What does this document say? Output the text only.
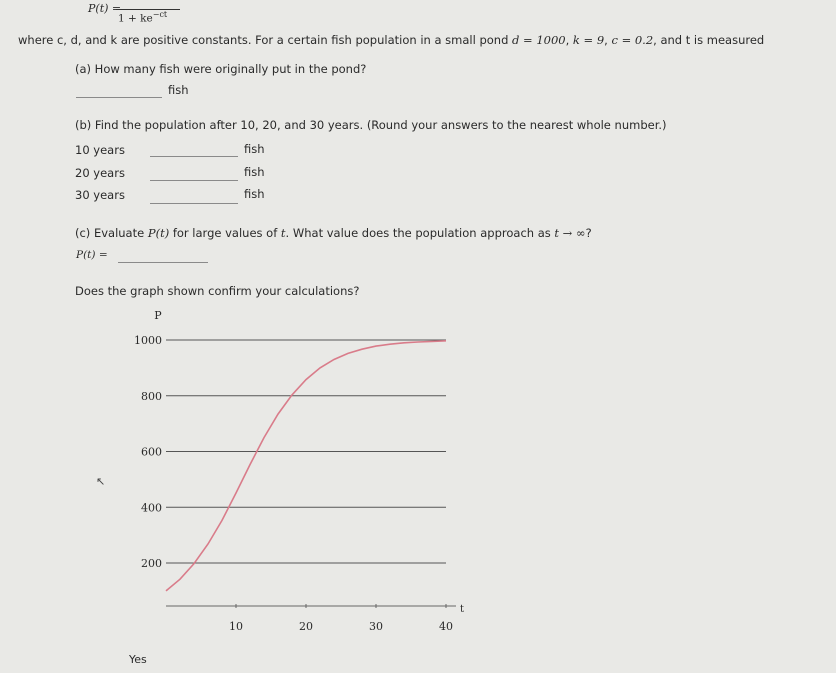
P(t) =
$1 + ke^{-ct}$
where c, d, and k are positive constants. For a certain fish population in a small pond d = 1000, k = 9, c = 0.2, and t is measured
(a) How many fish were originally put in the pond?
fish
(b) Find the population after 10, 20, and 30 years. (Round your answers to the nearest whole number.)
10 years	fish
20 years	fish
30 years	fish
(c) Evaluate P(t) for large values of t. What value does the population approach as t → ∞?
P(t) =
Does the graph shown confirm your calculations?
200
400
600
800
1000
10	20	30	40
t
P
↖
Yes
